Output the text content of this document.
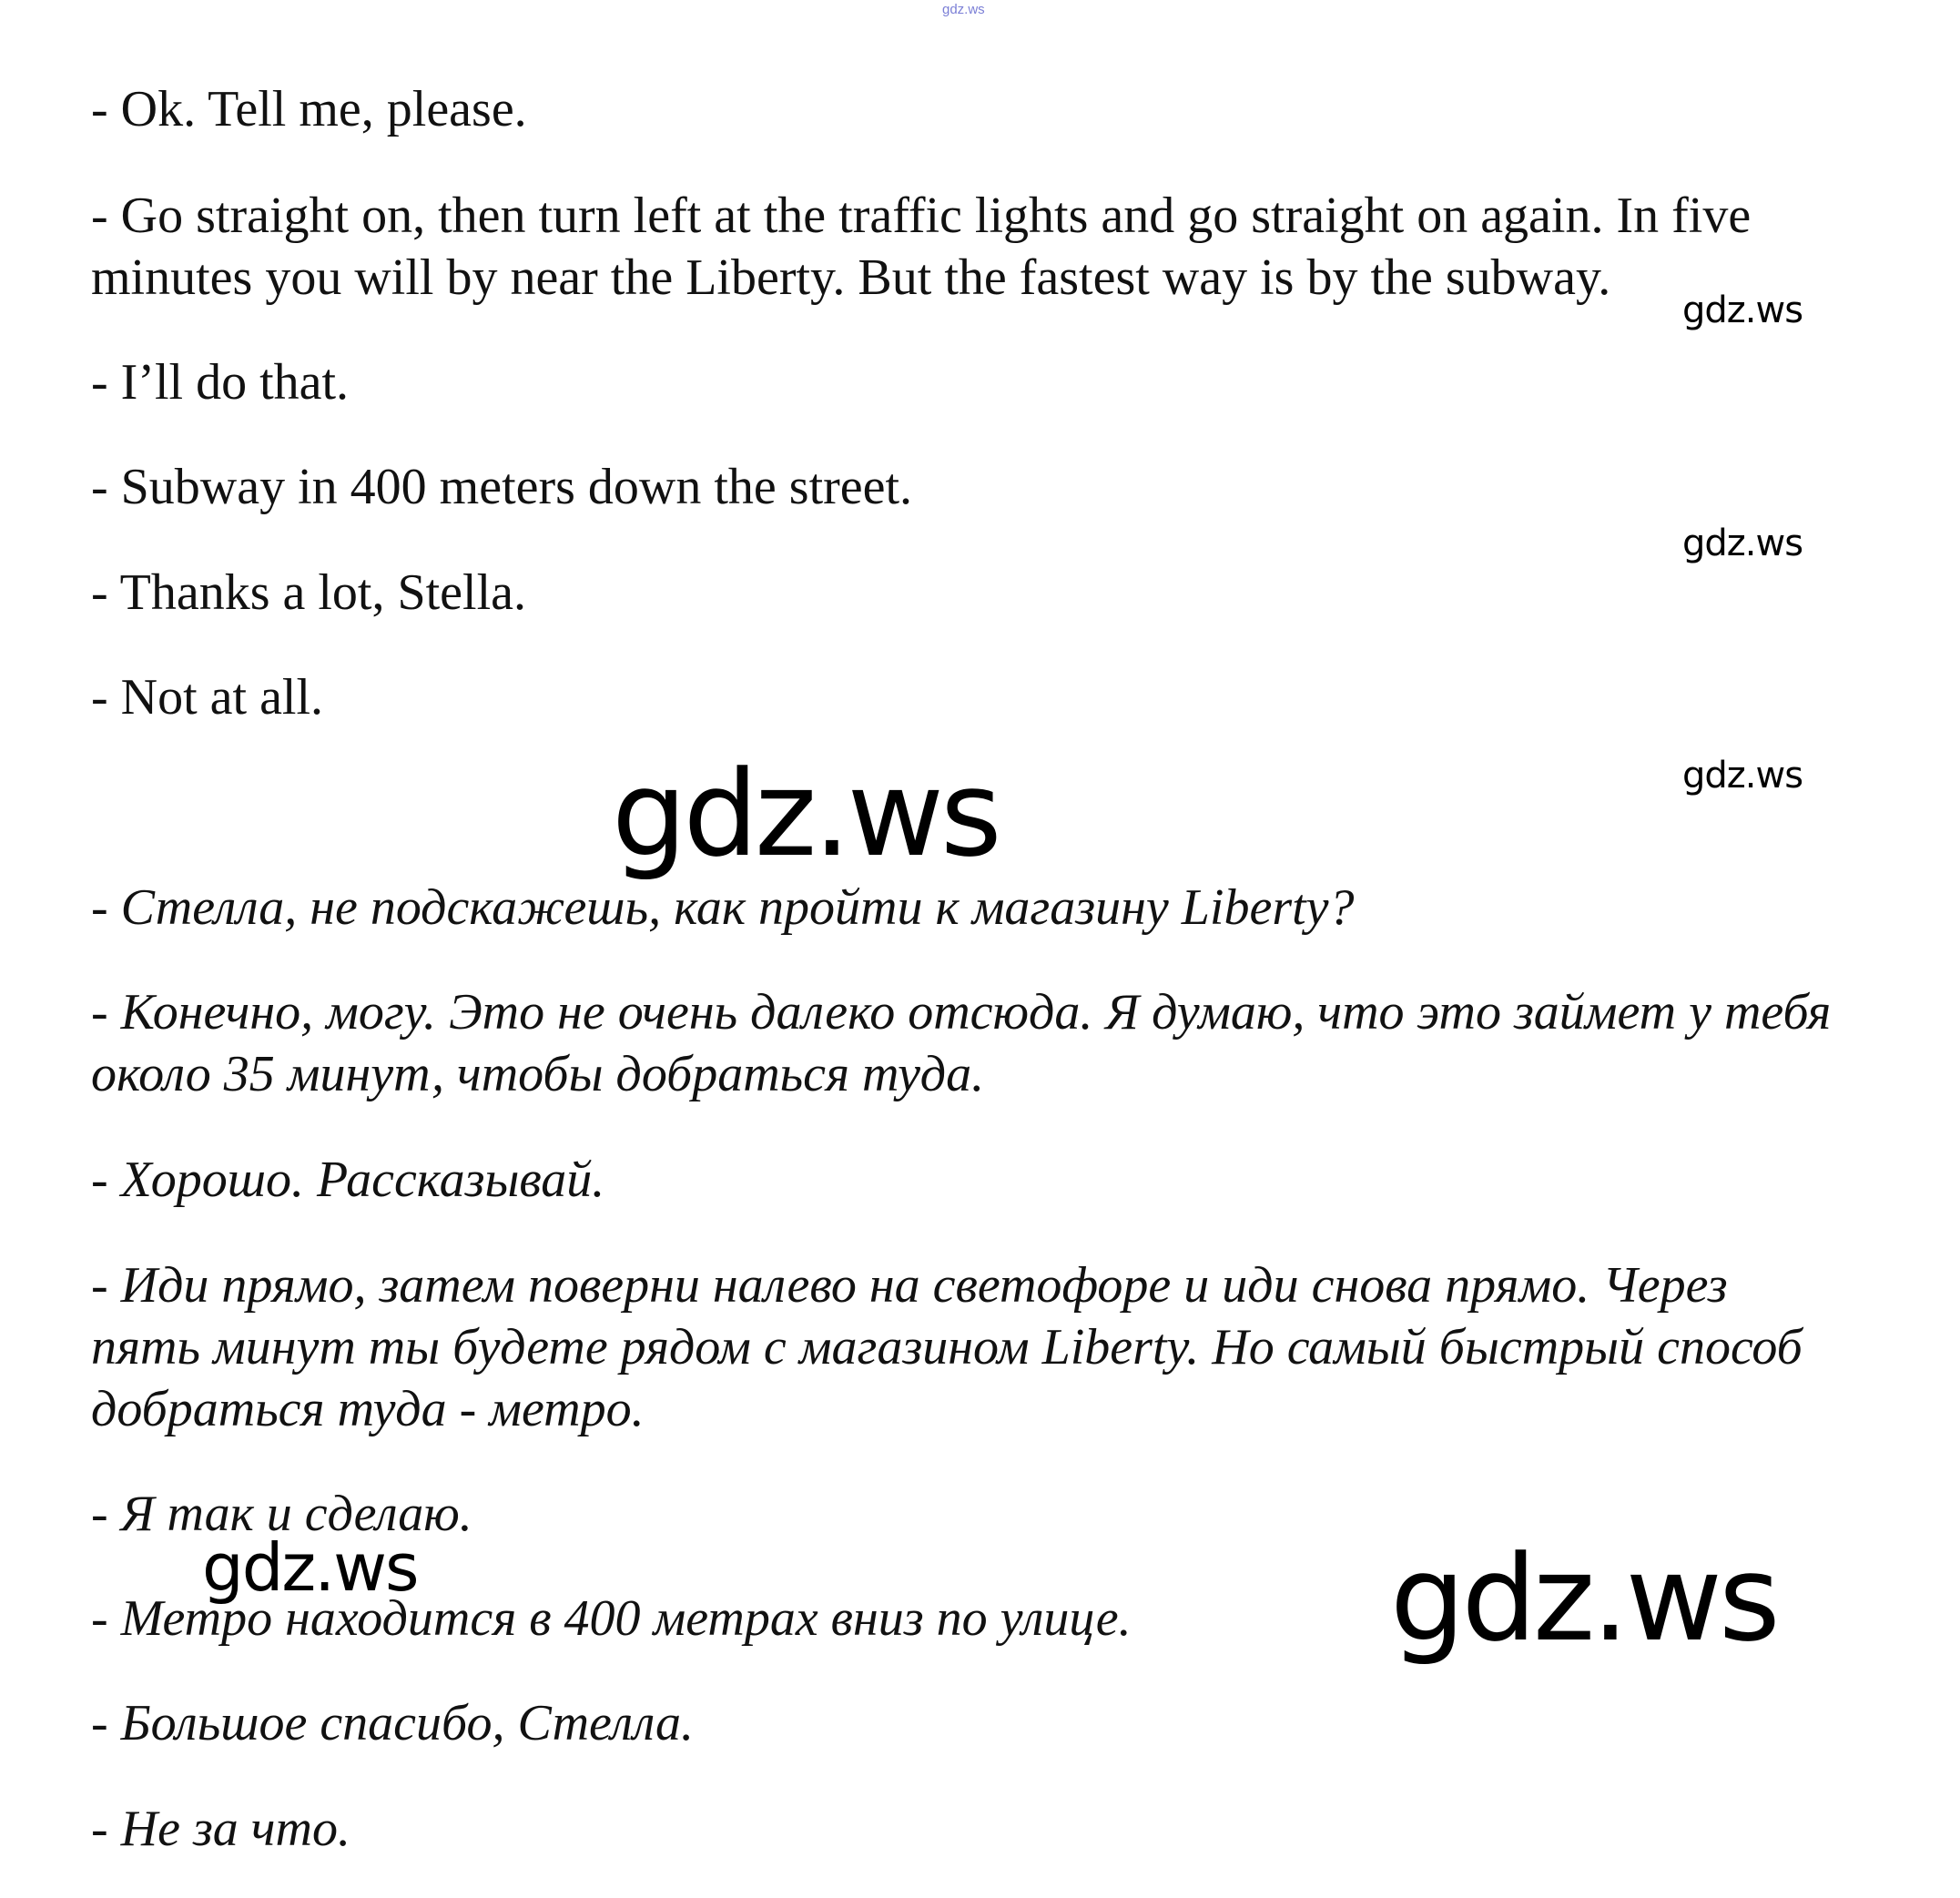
gdz.ws
- Ok. Tell me, please.
- Go straight on, then turn left at the traffic lights and go straight on again. In five minutes you will by near the Liberty. But the fastest way is by the subway.
- I’ll do that.
- Subway in 400 meters down the street.
- Thanks a lot, Stella.
- Not at all.
- Стелла, не подскажешь, как пройти к магазину Liberty?
- Конечно, могу. Это не очень далеко отсюда. Я думаю, что это займет у тебя около 35 минут, чтобы добраться туда.
- Хорошо. Рассказывай.
- Иди прямо, затем поверни налево на светофоре и иди снова прямо. Через пять минут ты будете рядом с магазином Liberty. Но самый быстрый способ добраться туда - метро.
- Я так и сделаю.
- Метро находится в 400 метрах вниз по улице.
- Большое спасибо, Стелла.
- Не за что.
gdz.ws
gdz.ws
gdz.ws
gdz.ws
gdz.ws	gdz.ws
